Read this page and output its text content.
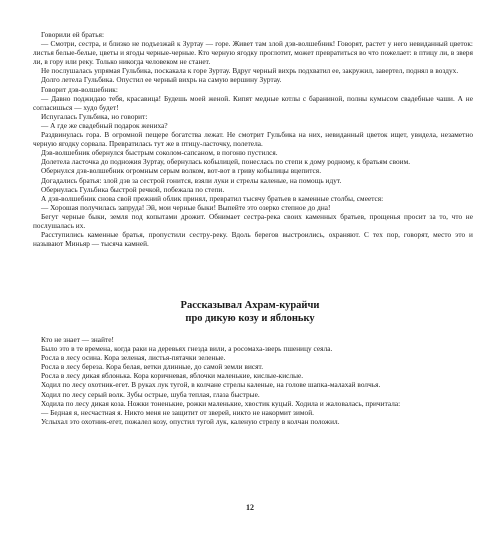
Говорили ей братья:

— Смотри, сестра, и близко не подъезжай к Зуртау — горе. Живет там злой дэв-волшебник! Говорят, растет у него невиданный цветок: листья белые-белые, цветы и ягоды черные-черные. Кто черную ягодку проглотит, может превратиться во что пожелает: в птицу ли, в зверя ли, в гору или реку. Только никогда человеком не станет.

Не послушалась упрямая Гульбика, поскакала к горе Зуртау. Вдруг черный вихрь подхватил ее, закружил, завертел, поднял в воздух.

Долго летела Гульбика. Опустил ее черный вихрь на самую вершину Зуртау.

Говорит дэв-волшебник:

— Давно поджидаю тебя, красавица! Будешь моей женой. Кипят медные котлы с бараниной, полны кумысом свадебные чаши. А не согласишься — худо будет!

Испугалась Гульбика, но говорит:

— А где же свадебный подарок жениха?

Раздвинулась гора. В огромной пещере богатства лежат. Не смотрит Гульбика на них, невиданный цветок ищет, увидела, незаметно черную ягодку сорвала. Превратилась тут же в птицу-ласточку, полетела.

Дэв-волшебник обернулся быстрым соколом-сапсаном, в погоню пустился.

Долетела ласточка до подножия Зуртау, обернулась кобылицей, понеслась по степи к дому родному, к братьям своим.

Обернулся дэв-волшебник огромным серым волком, вот-вот в гриву кобылицы вцепится.

Догадались братья: злой дэв за сестрой гонится, взяли луки и стрелы каленые, на помощь идут.

Обернулась Гульбика быстрой речкой, побежала по степи.

А дэв-волшебник снова свой прежний облик принял, превратил тысячу братьев в каменные столбы, смеется:

— Хорошая получилась запруда! Эй, мои черные быки! Выпейте это озерко степное до дна!

Бегут черные быки, земля под копытами дрожит. Обнимает сестра-река своих каменных братьев, прощенья просит за то, что не послушалась их.

Расступились каменные братья, пропустили сестру-реку. Вдоль берегов выстроились, охраняют. С тех пор, говорят, место это и называют Миньяр — тысяча камней.

Рассказывал Ахрам-курайчи
про дикую козу и яблоньку

Кто не знает — знайте!

Было это в те времена, когда раки на деревьях гнезда вили, а росомаха-зверь пшеницу сеяла.

Росла в лесу осина. Кора зеленая, листья-пятачки зеленые.

Росла в лесу береза. Кора белая, ветки длинные, до самой земли висят.

Росла в лесу дикая яблонька. Кора коричневая, яблочки маленькие, кислые-кислые.

Ходил по лесу охотник-егет. В руках лук тугой, в колчане стрелы каленые, на голове шапка-малахай волчья.

Ходил по лесу серый волк. Зубы острые, шуба теплая, глаза быстрые.

Ходила по лесу дикая коза. Ножки тоненькие, рожки маленькие, хвостик куцый. Ходила и жаловалась, причитала:

— Бедная я, несчастная я. Никто меня не защитит от зверей, никто не накормит зимой.

Услыхал это охотник-егет, пожалел козу, опустил тугой лук, каленую стрелу в колчан положил.

12
